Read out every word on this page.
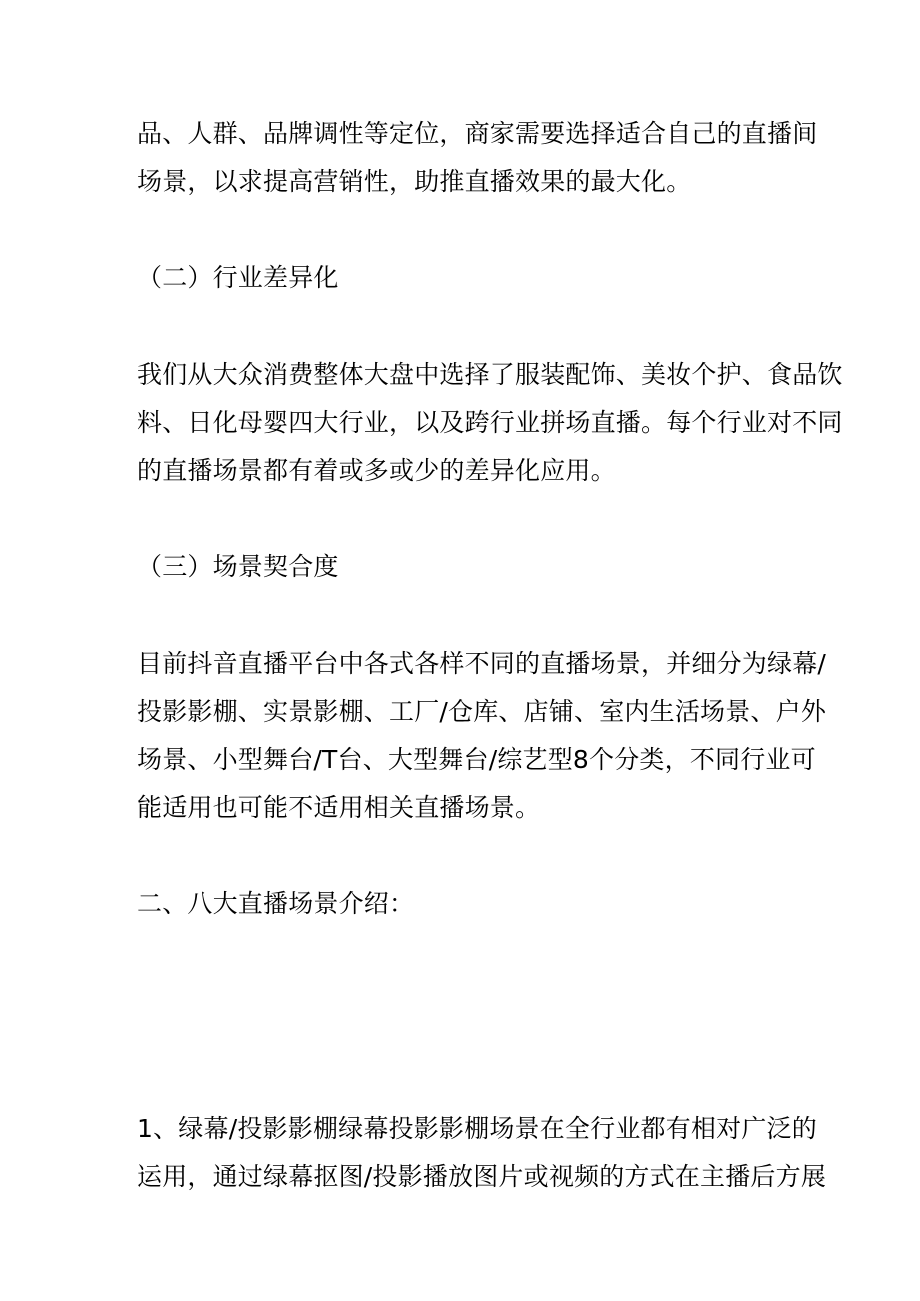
品、人群、品牌调性等定位，商家需要选择适合自己的直播间
场景，以求提高营销性，助推直播效果的最大化。
（二）行业差异化
我们从大众消费整体大盘中选择了服装配饰、美妆个护、食品饮
料、日化母婴四大行业，以及跨行业拼场直播。每个行业对不同
的直播场景都有着或多或少的差异化应用。
（三）场景契合度
目前抖音直播平台中各式各样不同的直播场景，并细分为绿幕/
投影影棚、实景影棚、工厂/仓库、店铺、室内生活场景、户外
场景、小型舞台/T台、大型舞台/综艺型8个分类，不同行业可
能适用也可能不适用相关直播场景。
二、八大直播场景介绍：
1、绿幕/投影影棚绿幕投影影棚场景在全行业都有相对广泛的
运用，通过绿幕抠图/投影播放图片或视频的方式在主播后方展
